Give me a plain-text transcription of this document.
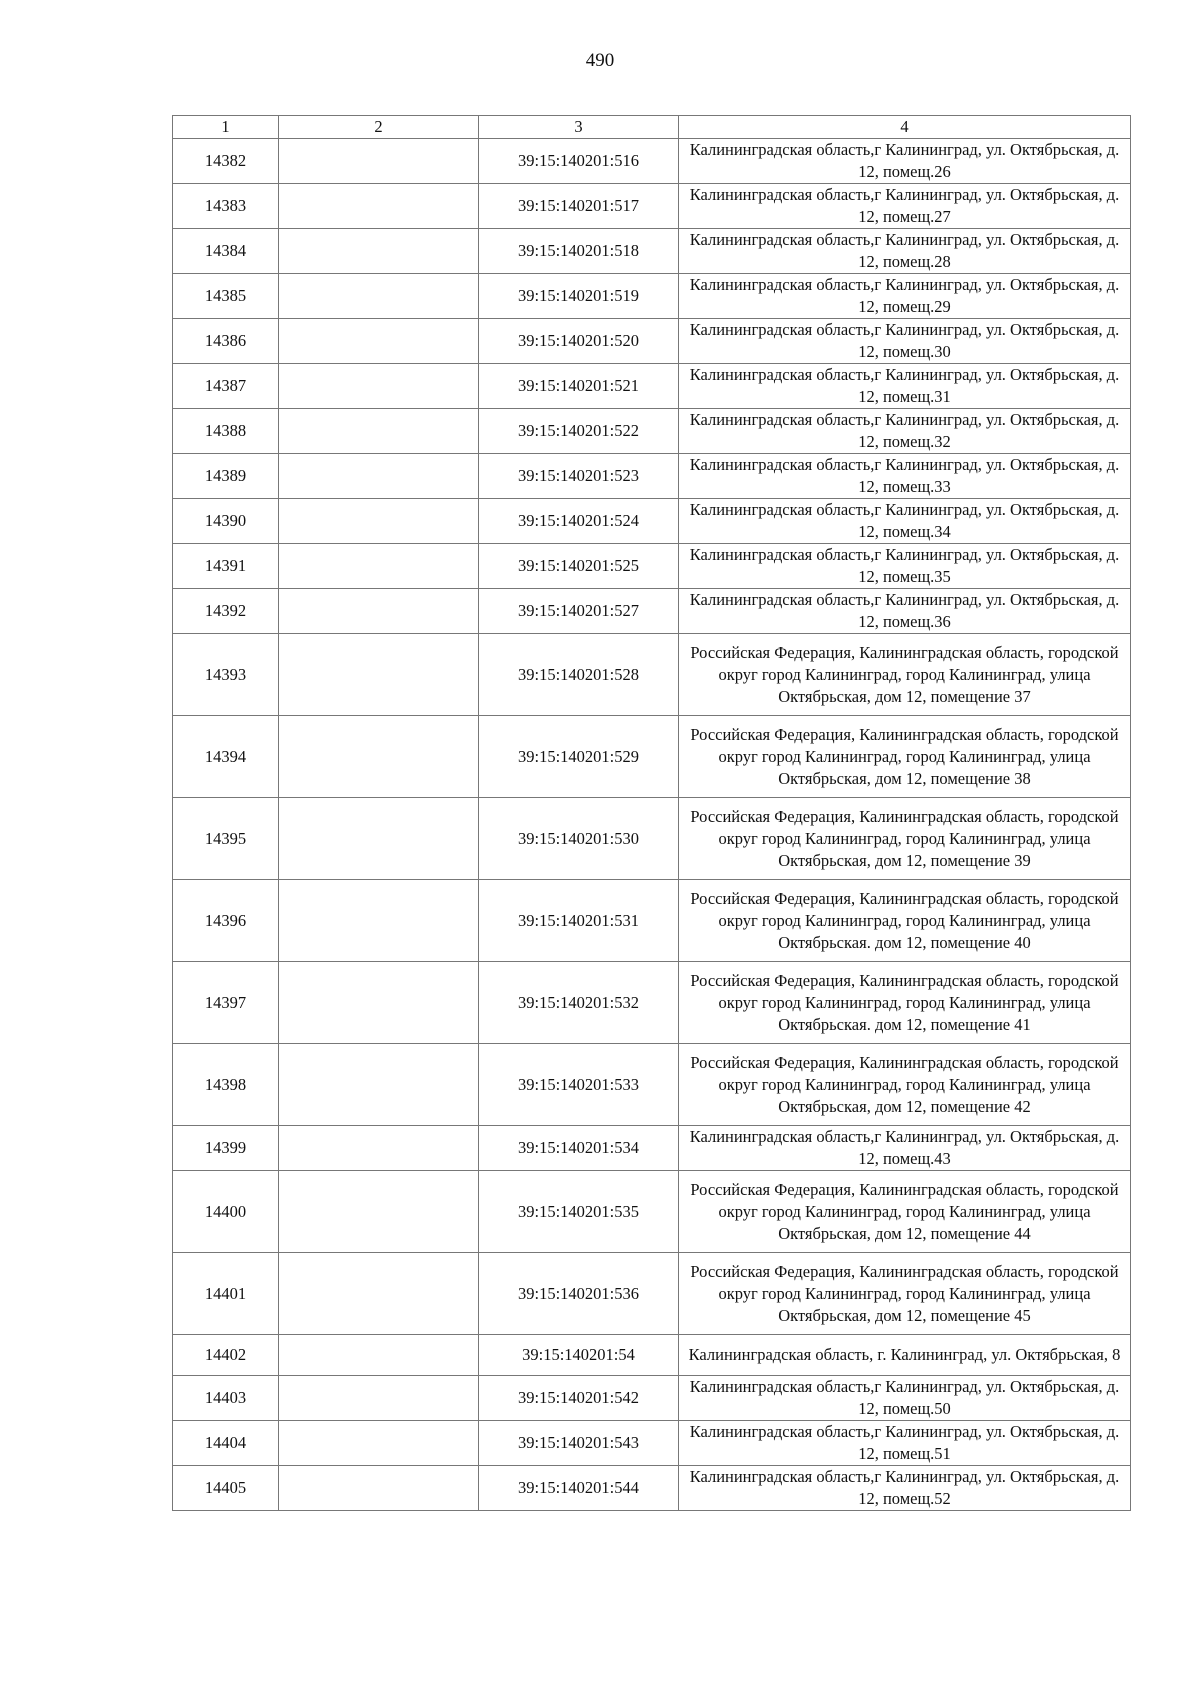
490
1	2	3	4
14382		39:15:140201:516	Калининградская область,г Калининград, ул. Октябрьская, д. 12, помещ.26
14383		39:15:140201:517	Калининградская область,г Калининград, ул. Октябрьская, д. 12, помещ.27
14384		39:15:140201:518	Калининградская область,г Калининград, ул. Октябрьская, д. 12, помещ.28
14385		39:15:140201:519	Калининградская область,г Калининград, ул. Октябрьская, д. 12, помещ.29
14386		39:15:140201:520	Калининградская область,г Калининград, ул. Октябрьская, д. 12, помещ.30
14387		39:15:140201:521	Калининградская область,г Калининград, ул. Октябрьская, д. 12, помещ.31
14388		39:15:140201:522	Калининградская область,г Калининград, ул. Октябрьская, д. 12, помещ.32
14389		39:15:140201:523	Калининградская область,г Калининград, ул. Октябрьская, д. 12, помещ.33
14390		39:15:140201:524	Калининградская область,г Калининград, ул. Октябрьская, д. 12, помещ.34
14391		39:15:140201:525	Калининградская область,г Калининград, ул. Октябрьская, д. 12, помещ.35
14392		39:15:140201:527	Калининградская область,г Калининград, ул. Октябрьская, д. 12, помещ.36
14393		39:15:140201:528	Российская Федерация, Калининградская область, городской округ город Калининград, город Калининград, улица Октябрьская, дом 12, помещение 37
14394		39:15:140201:529	Российская Федерация, Калининградская область, городской округ город Калининград, город Калининград, улица Октябрьская, дом 12, помещение 38
14395		39:15:140201:530	Российская Федерация, Калининградская область, городской округ город Калининград, город Калининград, улица Октябрьская, дом 12, помещение 39
14396		39:15:140201:531	Российская Федерация, Калининградская область, городской округ город Калининград, город Калининград, улица Октябрьская. дом 12, помещение 40
14397		39:15:140201:532	Российская Федерация, Калининградская область, городской округ город Калининград, город Калининград, улица Октябрьская. дом 12, помещение 41
14398		39:15:140201:533	Российская Федерация, Калининградская область, городской округ город Калининград, город Калининград, улица Октябрьская, дом 12, помещение 42
14399		39:15:140201:534	Калининградская область,г Калининград, ул. Октябрьская, д. 12, помещ.43
14400		39:15:140201:535	Российская Федерация, Калининградская область, городской округ город Калининград, город Калининград, улица Октябрьская, дом 12, помещение 44
14401		39:15:140201:536	Российская Федерация, Калининградская область, городской округ город Калининград, город Калининград, улица Октябрьская, дом 12, помещение 45
14402		39:15:140201:54	Калининградская область, г. Калининград, ул. Октябрьская, 8
14403		39:15:140201:542	Калининградская область,г Калининград, ул. Октябрьская, д. 12, помещ.50
14404		39:15:140201:543	Калининградская область,г Калининград, ул. Октябрьская, д. 12, помещ.51
14405		39:15:140201:544	Калининградская область,г Калининград, ул. Октябрьская, д. 12, помещ.52
